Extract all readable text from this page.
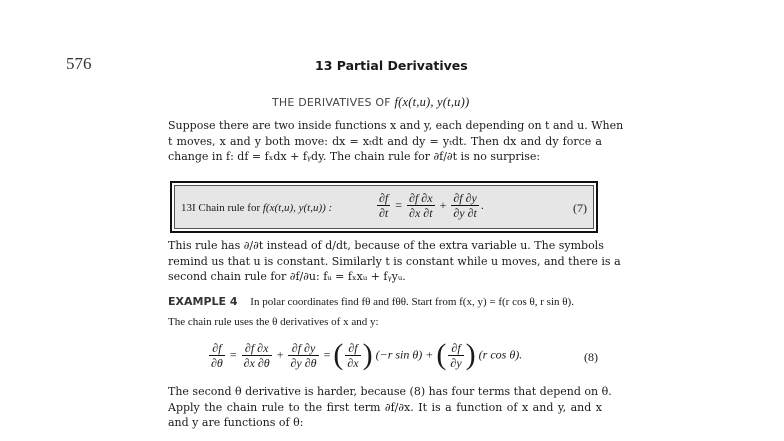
576	13 Partial Derivatives
THE DERIVATIVES OF f(x(t,u), y(t,u))
Suppose there are two inside functions x and y, each depending on t and u. When
t moves, x and y both move: dx = xₜdt and dy = yₜdt. Then dx and dy force a
change in f: df = fₓdx + fᵧdy. The chain rule for ∂f/∂t is no surprise:
13I Chain rule for f(x(t,u), y(t,u)) :	$\frac{\partial f}{\partial t} = \frac{\partial f \partial x}{\partial x \partial t} + \frac{\partial f \partial y}{\partial y \partial t}$ .	(7)
This rule has ∂/∂t instead of d/dt, because of the extra variable u. The symbols
remind us that u is constant. Similarly t is constant while u moves, and there is a
second chain rule for ∂f/∂u: fᵤ = fₓxᵤ + fᵧyᵤ.
EXAMPLE 4 In polar coordinates find fθ and fθθ. Start from f(x, y) = f(r cos θ, r sin θ).
The chain rule uses the θ derivatives of x and y:
$\frac{\partial f}{\partial\theta} = \frac{\partial f \partial x}{\partial x \partial\theta} + \frac{\partial f \partial y}{\partial y \partial\theta}$ = ( $\frac{\partial f}{\partial x}$ ) (−r sin θ) + ( $\frac{\partial f}{\partial y}$ ) (r cos θ).	(8)
The second θ derivative is harder, because (8) has four terms that depend on θ.
Apply the chain rule to the first term ∂f/∂x. It is a function of x and y, and x
and y are functions of θ:
